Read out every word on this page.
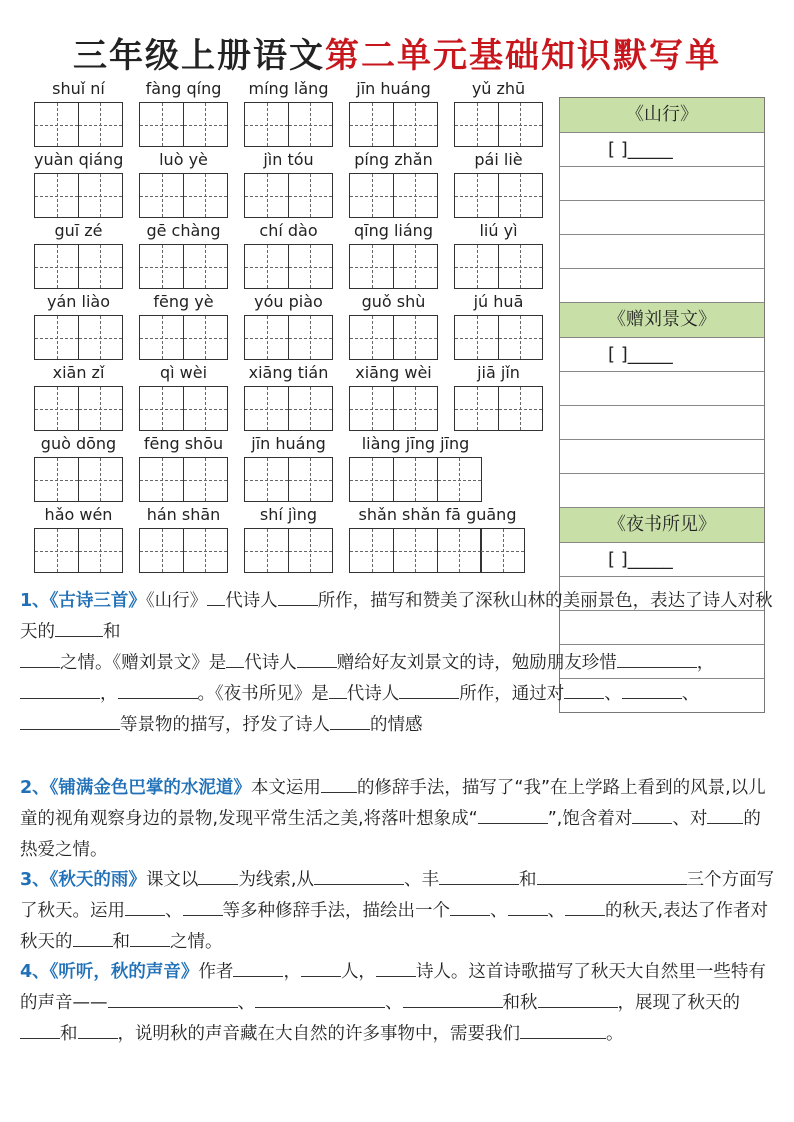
三年级上册语文第二单元基础知识默写单
shuǐ ní	fàng qíng	míng lǎng	jīn huáng	yǔ zhū
yuàn qiáng	luò yè	jìn tóu	píng zhǎn	pái liè
guī zé	gē chàng	chí dào	qīng liáng	liú yì
yán liào	fēng yè	yóu piào	guǒ shù	jú huā
xiān zǐ	qì wèi	xiāng tián	xiāng wèi	jiā jǐn
guò dōng	fēng shōu	jīn huáng	liàng jīng jīng
hǎo wén	hán shān	shí jìng	shǎn shǎn fā guāng
《山行》
[ ]_____
《赠刘景文》
[ ]_____
《夜书所见》
[ ]_____
1、《古诗三首》《山行》 代诗人 所作，描写和赞美了深秋山林的美丽景色，表达了诗人对秋天的	和
之情。《赠刘景文》是 代诗人 赠给好友刘景文的诗，勉励朋友珍惜	，，	。《夜书所见》是 代诗人	所作，通过对 、	、等景物的描写，抒发了诗人 的情感
2、《铺满金色巴掌的水泥道》本文运用 的修辞手法，描写了“我”在上学路上看到的风景,以儿童的视角观察身边的景物,发现平常生活之美,将落叶想象成“	”,饱含着对 、对 的热爱之情。
3、《秋天的雨》课文以 为线索,从	、丰	和	三个方面写了秋天。运用 、 等多种修辞手法，描绘出一个 、 、 的秋天,表达了作者对秋天的 和 之情。
4、《听听，秋的声音》作者	， 人， 诗人。这首诗歌描写了秋天大自然里一些特有的声音——	、	、	和秋	，展现了秋天的和 ，说明秋的声音藏在大自然的许多事物中，需要我们	。
